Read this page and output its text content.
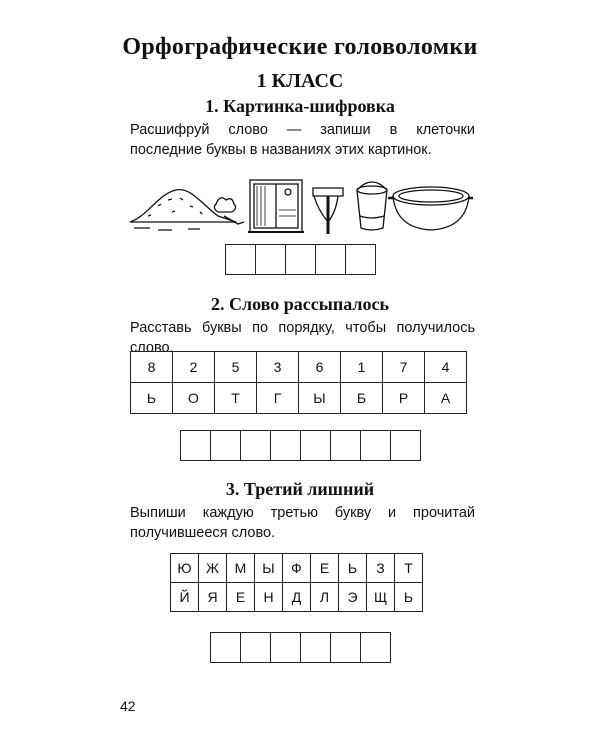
Орфографические головоломки
1 КЛАСС
1. Картинка-шифровка
Расшифруй слово — запиши в клеточки последние буквы в названиях этих картинок.
2. Слово рассыпалось
Расставь буквы по порядку, чтобы получилось слово.
8	2	5	3	6	1	7	4
Ь	О	Т	Г	Ы	Б	Р	А
3. Третий лишний
Выпиши каждую третью букву и прочитай получившееся слово.
Ю	Ж	М	Ы	Ф	Е	Ь	З	Т
Й	Я	Е	Н	Д	Л	Э	Щ	Ь
42
